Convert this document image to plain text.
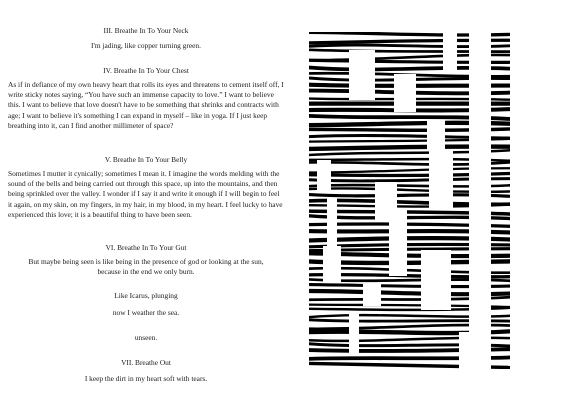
III. Breathe In To Your Neck
I'm jading, like copper turning green.
IV. Breathe In To Your Chest
As if in defiance of my own heavy heart that rolls its eyes and threatens to cement itself off, I write sticky notes saying, “You have such an immense capacity to love.” I want to believe this. I want to believe that love doesn't have to be something that shrinks and contracts with age; I want to believe it's something I can expand in myself – like in yoga. If I just keep breathing into it, can I find another millimeter of space?
V. Breathe In To Your Belly
Sometimes I mutter it cynically; sometimes I mean it. I imagine the words melding with the sound of the bells and being carried out through this space, up into the mountains, and then being sprinkled over the valley. I wonder if I say it and write it enough if I will begin to feel it again, on my skin, on my fingers, in my hair, in my blood, in my heart. I feel lucky to have experienced this love; it is a beautiful thing to have been seen.
VI. Breathe In To Your Gut
But maybe being seen is like being in the presence of god or looking at the sun, because in the end we only burn.
Like Icarus, plunging
now I weather the sea.
unseen.
VII. Breathe Out
I keep the dirt in my heart soft with tears.
